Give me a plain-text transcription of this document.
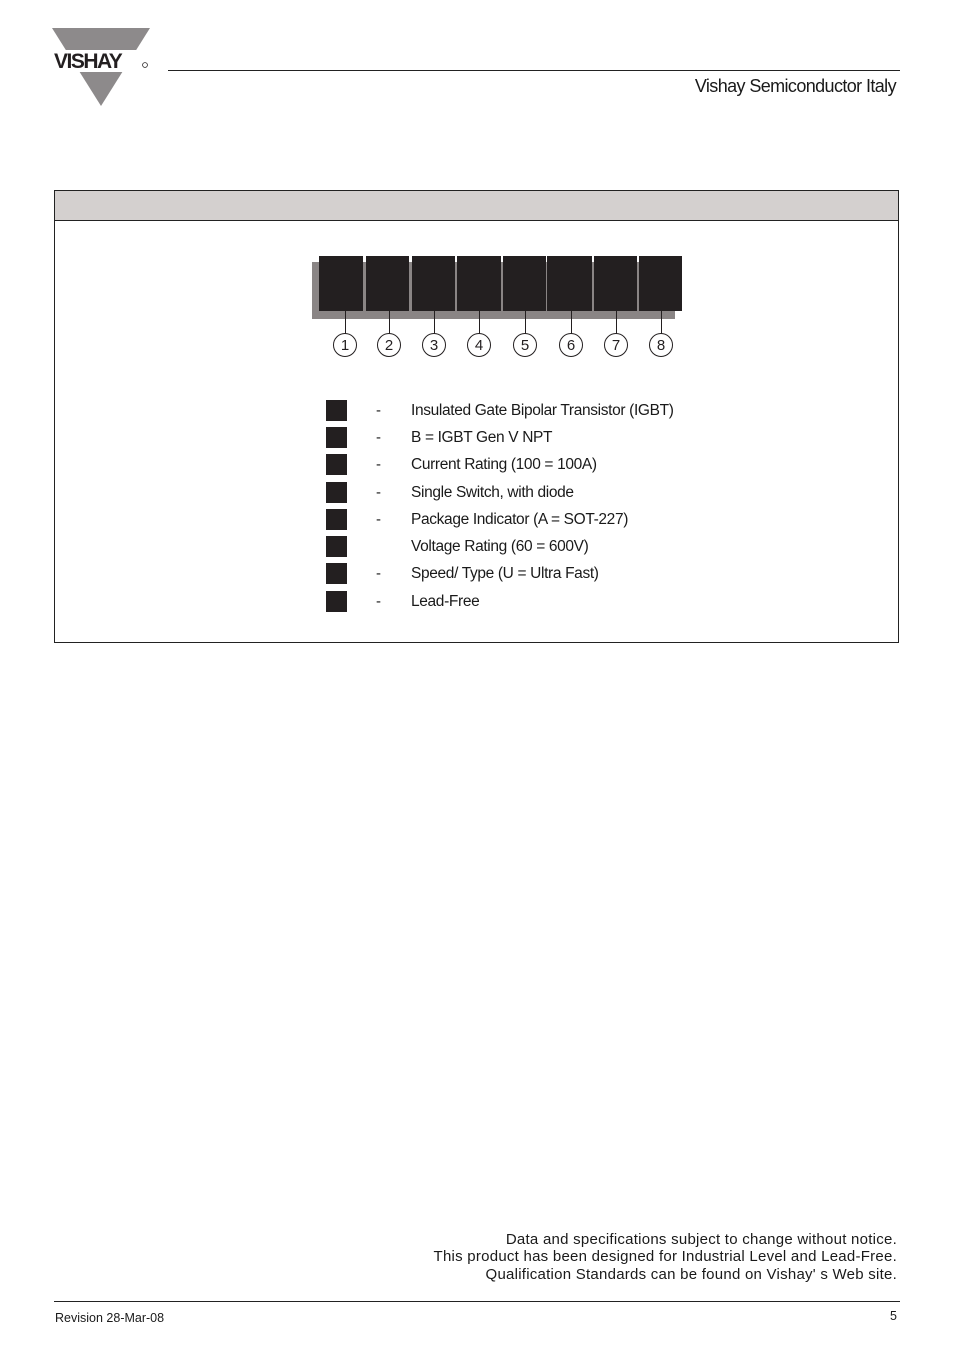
VISHAY
Vishay Semiconductor Italy
1	2	3	4	5	6	7	8
- Insulated Gate Bipolar Transistor (IGBT)
- B = IGBT Gen V NPT
- Current Rating (100 = 100A)
- Single Switch, with diode
- Package Indicator (A = SOT-227)
Voltage Rating (60 = 600V)
- Speed/ Type (U = Ultra Fast)
- Lead-Free
Data and specifications subject to change without notice.
This product has been designed for Industrial Level and Lead-Free.
Qualification Standards can be found on Vishay' s Web site.
Revision 28-Mar-08	5
